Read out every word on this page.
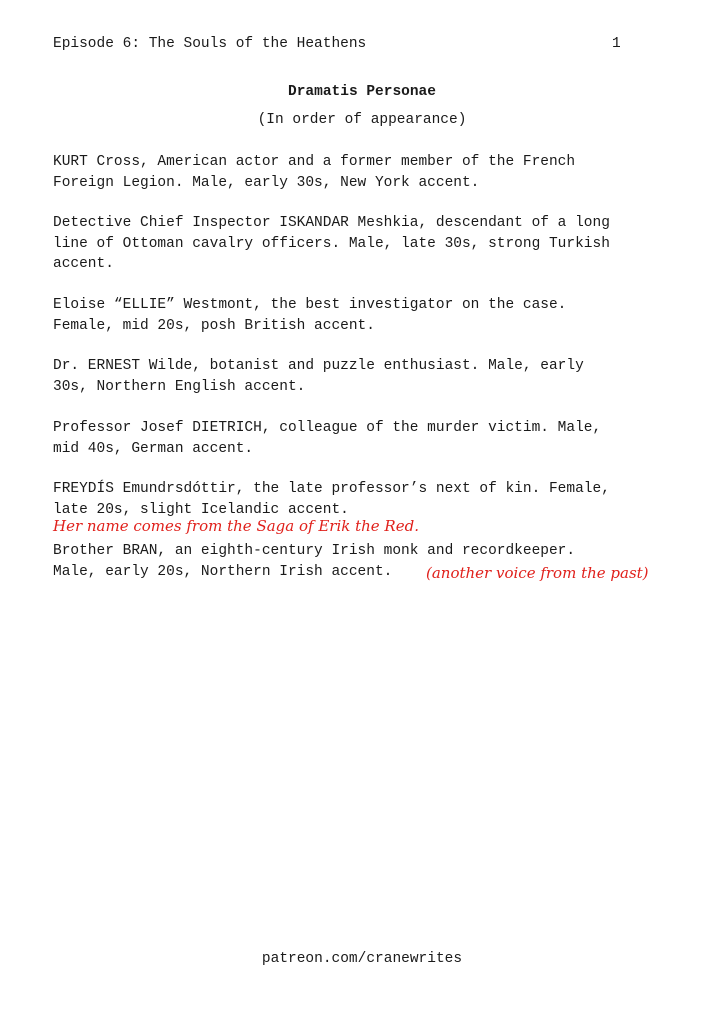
Episode 6: The Souls of the Heathens	1
Dramatis Personae
(In order of appearance)

KURT Cross, American actor and a former member of the French
Foreign Legion. Male, early 30s, New York accent.

Detective Chief Inspector ISKANDAR Meshkia, descendant of a long
line of Ottoman cavalry officers. Male, late 30s, strong Turkish
accent.

Eloise “ELLIE” Westmont, the best investigator on the case.
Female, mid 20s, posh British accent.

Dr. ERNEST Wilde, botanist and puzzle enthusiast. Male, early
30s, Northern English accent.

Professor Josef DIETRICH, colleague of the murder victim. Male,
mid 40s, German accent.

FREYDÍS Emundrsdóttir, the late professor’s next of kin. Female,
late 20s, slight Icelandic accent.

Her name comes from the Saga of Erik the Red.

Brother BRAN, an eighth-century Irish monk and recordkeeper.
Male, early 20s, Northern Irish accent.	(another voice from the past)
patreon.com/cranewrites
